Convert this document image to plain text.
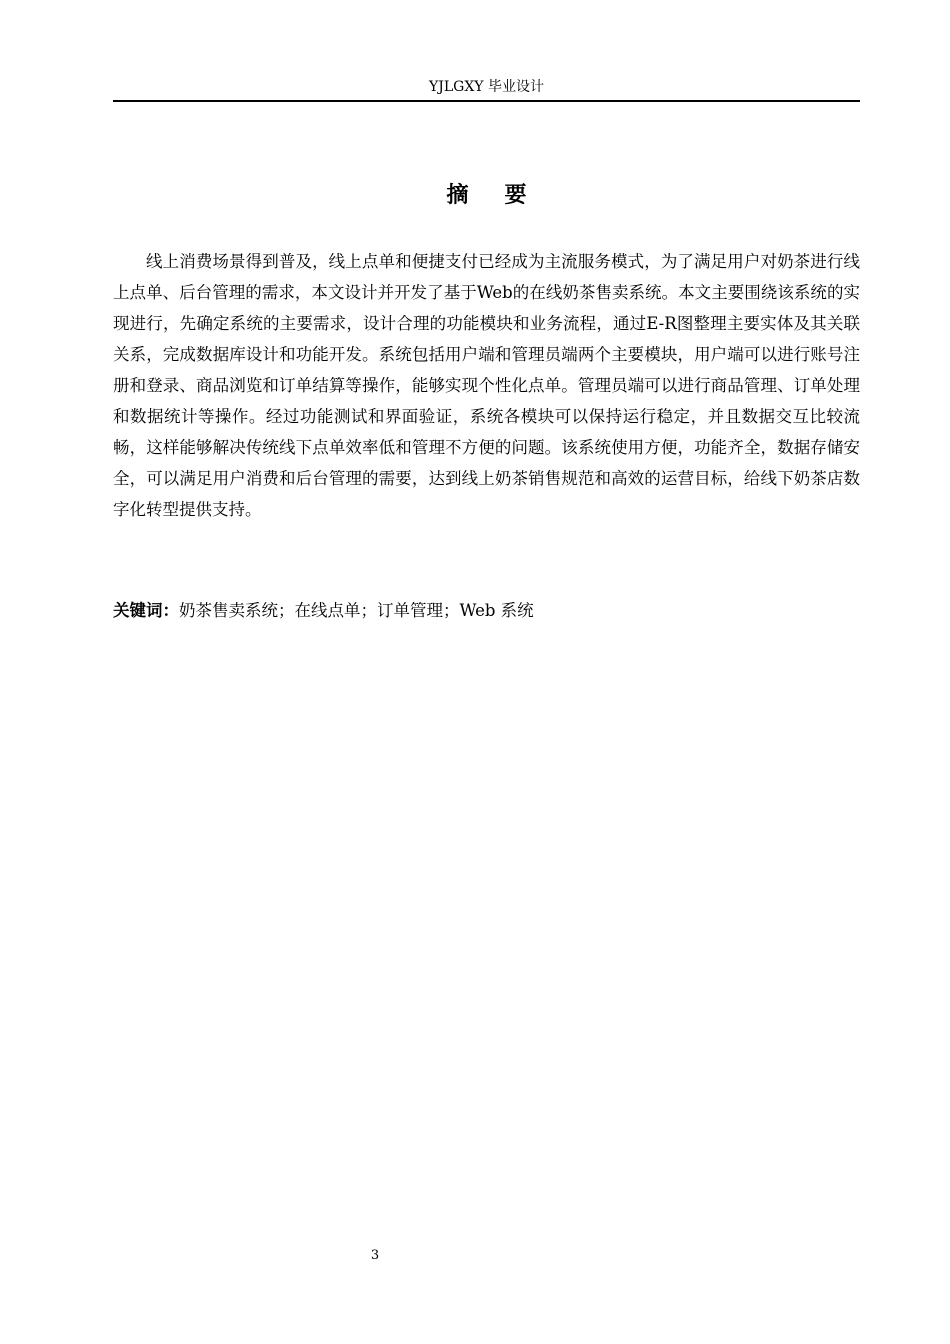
YJLGXY 毕业设计
摘要

线上消费场景得到普及，线上点单和便捷支付已经成为主流服务模式，为了满足用户对奶茶进行线上点单、后台管理的需求，本文设计并开发了基于Web的在线奶茶售卖系统。本文主要围绕该系统的实现进行，先确定系统的主要需求，设计合理的功能模块和业务流程，通过E-R图整理主要实体及其关联关系，完成数据库设计和功能开发。系统包括用户端和管理员端两个主要模块，用户端可以进行账号注册和登录、商品浏览和订单结算等操作，能够实现个性化点单。管理员端可以进行商品管理、订单处理和数据统计等操作。经过功能测试和界面验证，系统各模块可以保持运行稳定，并且数据交互比较流畅，这样能够解决传统线下点单效率低和管理不方便的问题。该系统使用方便，功能齐全，数据存储安全，可以满足用户消费和后台管理的需要，达到线上奶茶销售规范和高效的运营目标，给线下奶茶店数字化转型提供支持。

关键词：奶茶售卖系统；在线点单；订单管理；Web 系统

3
